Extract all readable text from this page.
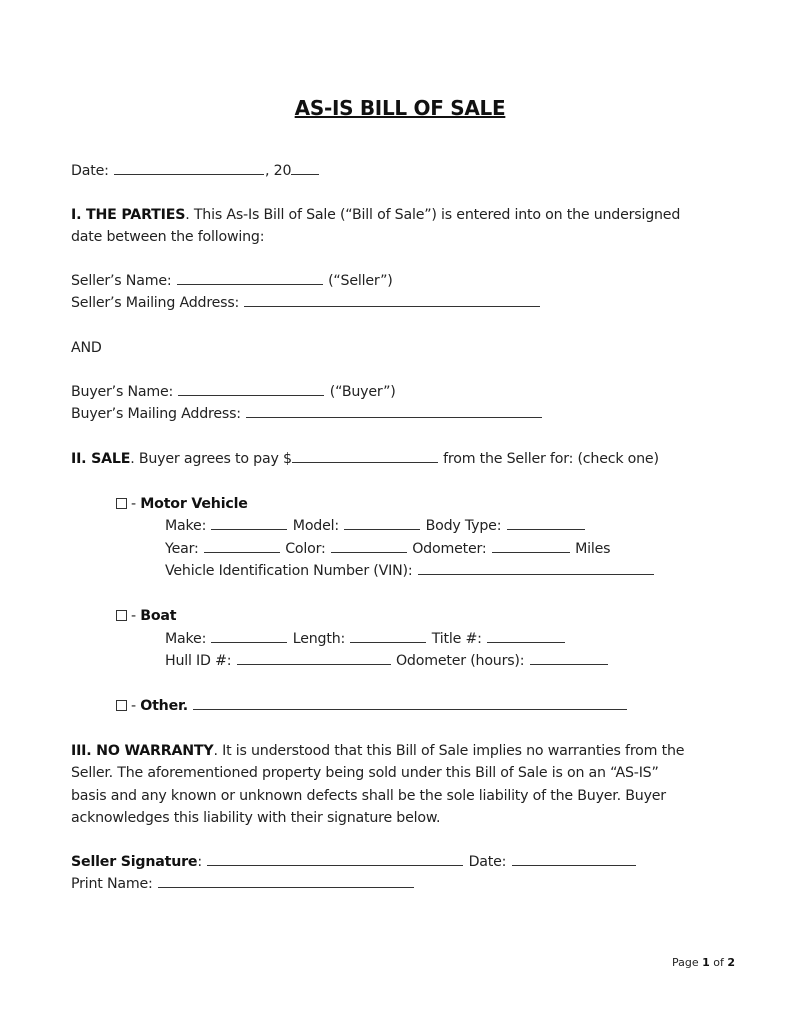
AS-IS BILL OF SALE
Date:	, 20
I. THE PARTIES. This As-Is Bill of Sale (“Bill of Sale”) is entered into on the undersigned
date between the following:
Seller’s Name:	(“Seller”)
Seller’s Mailing Address:
AND
Buyer’s Name:	(“Buyer”)
Buyer’s Mailing Address:
II. SALE. Buyer agrees to pay $	from the Seller for: (check one)
- Motor Vehicle
Make:	Model:	Body Type:
Year:	Color:	Odometer:	Miles
Vehicle Identification Number (VIN):
- Boat
Make:	Length:	Title #:
Hull ID #:	Odometer (hours):
- Other.
III. NO WARRANTY. It is understood that this Bill of Sale implies no warranties from the
Seller. The aforementioned property being sold under this Bill of Sale is on an “AS-IS”
basis and any known or unknown defects shall be the sole liability of the Buyer. Buyer
acknowledges this liability with their signature below.
Seller Signature:	Date:
Print Name:
Page 1 of 2
